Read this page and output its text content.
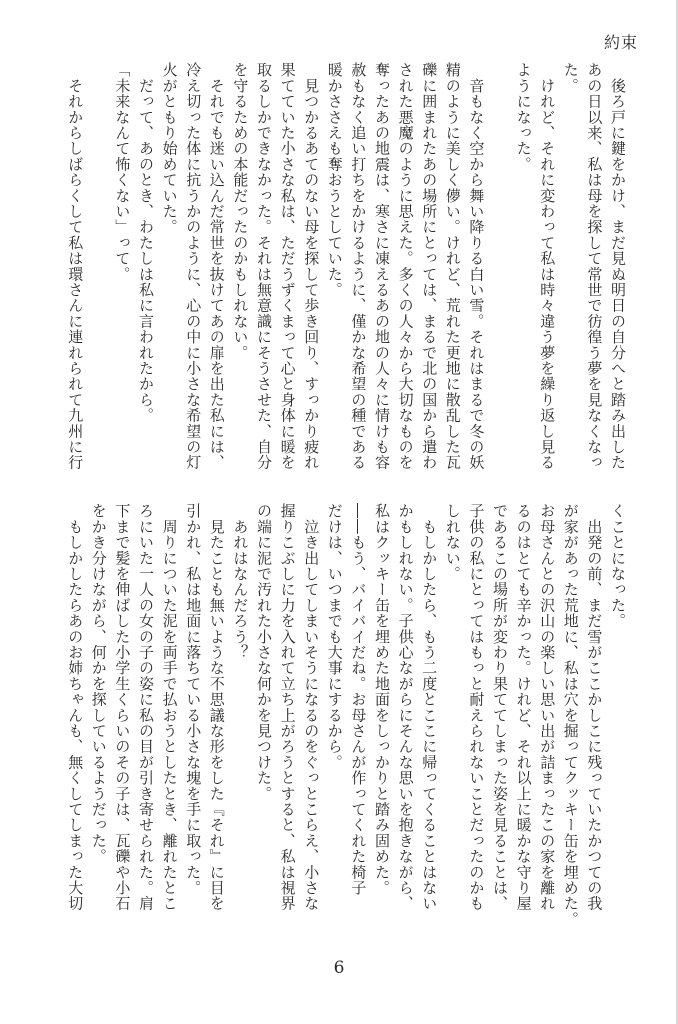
約束
　後ろ戸に鍵をかけ、まだ見ぬ明日の自分へと踏み出した
あの日以来、私は母を探して常世で彷徨う夢を見なくなっ
た。
　けれど、それに変わって私は時々違う夢を繰り返し見る
ようになった。
　音もなく空から舞い降りる白い雪。それはまるで冬の妖
精のように美しく儚い。けれど、荒れた更地に散乱した瓦
礫に囲まれたあの場所にとっては、まるで北の国から遣わ
された悪魔のように思えた。多くの人々から大切なものを
奪ったあの地震は、寒さに凍えるあの地の人々に情けも容
赦もなく追い打ちをかけるように、僅かな希望の種である
暖かささえも奪おうとしていた。
　見つかるあてのない母を探して歩き回り、すっかり疲れ
果てていた小さな私は、ただうずくまって心と身体に暖を
取るしかできなかった。それは無意識にそうさせた、自分
を守るための本能だったのかもしれない。
　それでも迷い込んだ常世を抜けてあの扉を出た私には、
冷え切った体に抗うかのように、心の中に小さな希望の灯
火がともり始めていた。
　だって、あのとき、わたしは私に言われたから。
「未来なんて怖くない」って。
　それからしばらくして私は環さんに連れられて九州に行
くことになった。
　出発の前、まだ雪がここかしこに残っていたかつての我
が家があった荒地に、私は穴を掘ってクッキー缶を埋めた。
お母さんとの沢山の楽しい思い出が詰まったこの家を離れ
るのはとても辛かった。けれど、それ以上に暖かな守り屋
であるこの場所が変わり果ててしまった姿を見ることは、
子供の私にとってはもっと耐えられないことだったのかも
しれない。
　もしかしたら、もう二度とここに帰ってくることはない
かもしれない。子供心ながらにそんな思いを抱きながら、
私はクッキー缶を埋めた地面をしっかりと踏み固めた。
――もう、バイバイだね。お母さんが作ってくれた椅子
だけは、いつまでも大事にするから。
　泣き出してしまいそうになるのをぐっとこらえ、小さな
握りこぶしに力を入れて立ち上がろうとすると、私は視界
の端に泥で汚れた小さな何かを見つけた。
　あれはなんだろう？
　見たことも無いような不思議な形をした『それ』に目を
引かれ、私は地面に落ちている小さな塊を手に取った。
　周りについた泥を両手で払おうとしたとき、離れたとこ
ろにいた一人の女の子の姿に私の目が引き寄せられた。肩
下まで髪を伸ばした小学生くらいのその子は、瓦礫や小石
をかき分けながら、何かを探しているようだった。
　もしかしたらあのお姉ちゃんも、無くしてしまった大切
6
